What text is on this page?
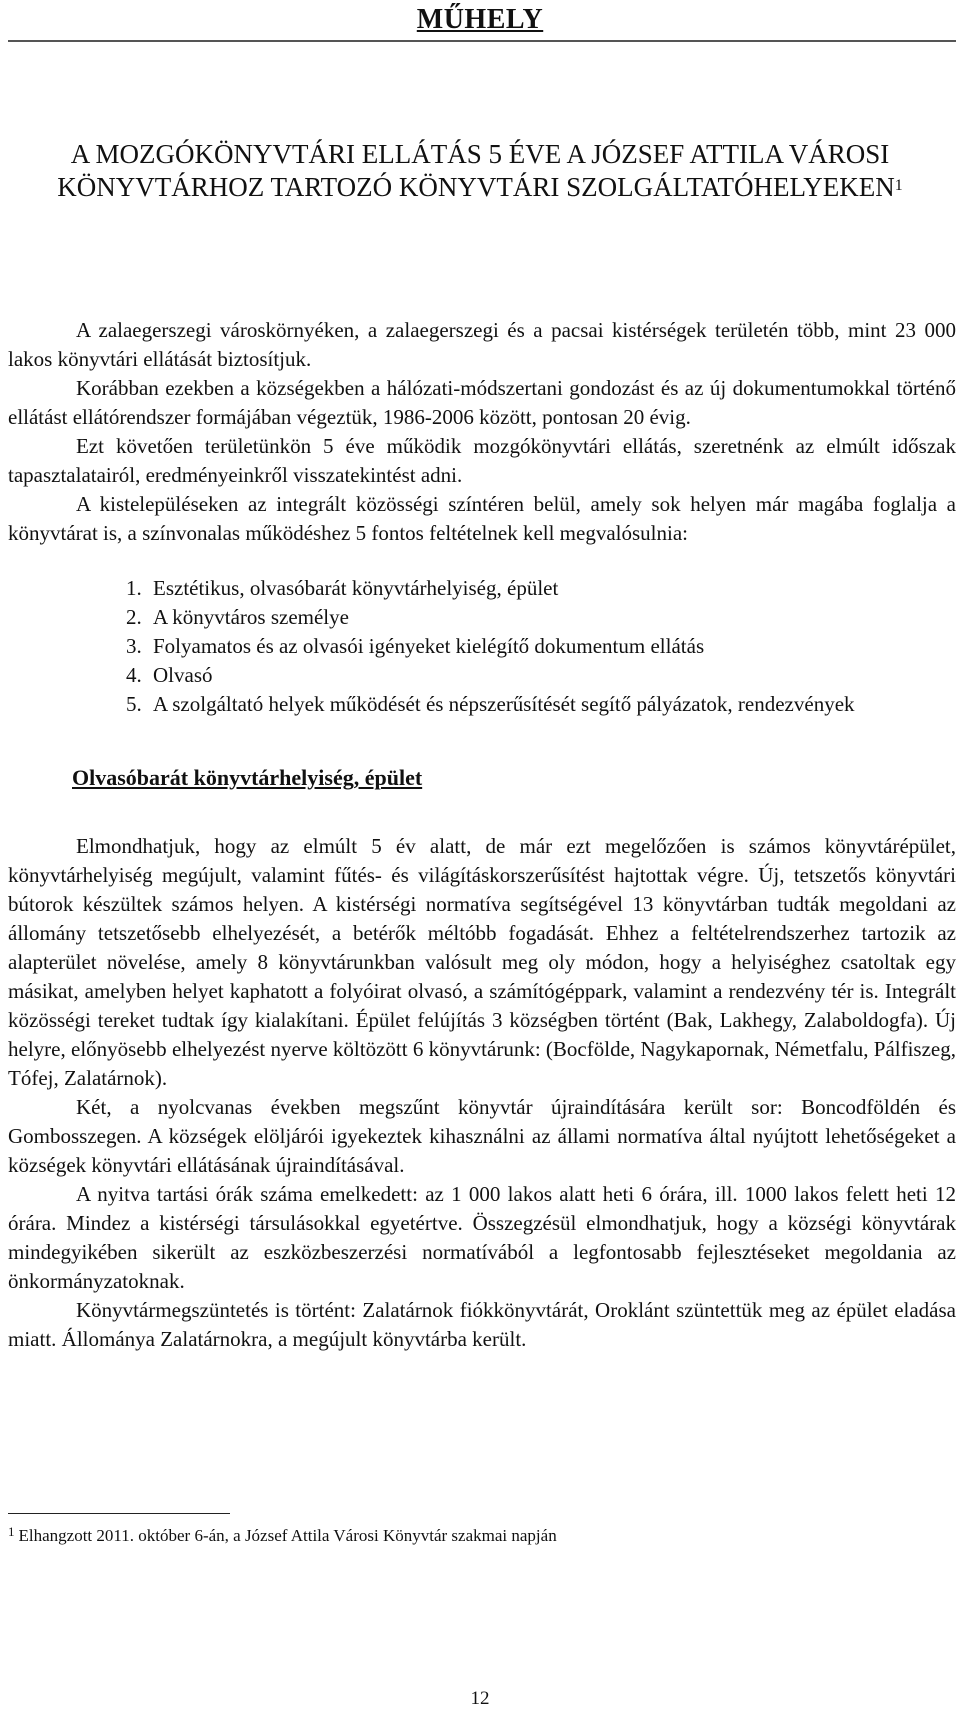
MŰHELY
A MOZGÓKÖNYVTÁRI ELLÁTÁS 5 ÉVE A JÓZSEF ATTILA VÁROSI KÖNYVTÁRHOZ TARTOZÓ KÖNYVTÁRI SZOLGÁLTATÓHELYEKEN$^1$

A zalaegerszegi városkörnyéken, a zalaegerszegi és a pacsai kistérségek területén több, mint 23 000 lakos könyvtári ellátását biztosítjuk.

Korábban ezekben a községekben a hálózati-módszertani gondozást és az új dokumentumokkal történő ellátást ellátórendszer formájában végeztük, 1986-2006 között, pontosan 20 évig.

Ezt követően területünkön 5 éve működik mozgókönyvtári ellátás, szeretnénk az elmúlt időszak tapasztalatairól, eredményeinkről visszatekintést adni.

A kistelepüléseken az integrált közösségi színtéren belül, amely sok helyen már magába foglalja a könyvtárat is, a színvonalas működéshez 5 fontos feltételnek kell megvalósulnia:

1. Esztétikus, olvasóbarát könyvtárhelyiség, épület
2. A könyvtáros személye
3. Folyamatos és az olvasói igényeket kielégítő dokumentum ellátás
4. Olvasó
5. A szolgáltató helyek működését és népszerűsítését segítő pályázatok, rendezvények
Olvasóbarát könyvtárhelyiség, épület

Elmondhatjuk, hogy az elmúlt 5 év alatt, de már ezt megelőzően is számos könyvtárépület, könyvtárhelyiség megújult, valamint fűtés- és világításkorszerűsítést hajtottak végre. Új, tetszetős könyvtári bútorok készültek számos helyen. A kistérségi normatíva segítségével 13 könyvtárban tudták megoldani az állomány tetszetősebb elhelyezését, a betérők méltóbb fogadását. Ehhez a feltételrendszerhez tartozik az alapterület növelése, amely 8 könyvtárunkban valósult meg oly módon, hogy a helyiséghez csatoltak egy másikat, amelyben helyet kaphatott a folyóirat olvasó, a számítógéppark, valamint a rendezvény tér is. Integrált közösségi tereket tudtak így kialakítani. Épület felújítás 3 községben történt (Bak, Lakhegy, Zalaboldogfa). Új helyre, előnyösebb elhelyezést nyerve költözött 6 könyvtárunk: (Bocfölde, Nagykapornak, Németfalu, Pálfiszeg, Tófej, Zalatárnok).

Két, a nyolcvanas években megszűnt könyvtár újraindítására került sor: Boncodföldén és Gombosszegen. A községek elöljárói igyekeztek kihasználni az állami normatíva által nyújtott lehetőségeket a községek könyvtári ellátásának újraindításával.

A nyitva tartási órák száma emelkedett: az 1 000 lakos alatt heti 6 órára, ill. 1000 lakos felett heti 12 órára. Mindez a kistérségi társulásokkal egyetértve. Összegzésül elmondhatjuk, hogy a községi könyvtárak mindegyikében sikerült az eszközbeszerzési normatívából a legfontosabb fejlesztéseket megoldania az önkormányzatoknak.

Könyvtármegszüntetés is történt: Zalatárnok fiókkönyvtárát, Oroklánt szüntettük meg az épület eladása miatt. Állománya Zalatárnokra, a megújult könyvtárba került.

$^1$ Elhangzott 2011. október 6-án, a József Attila Városi Könyvtár szakmai napján
12
